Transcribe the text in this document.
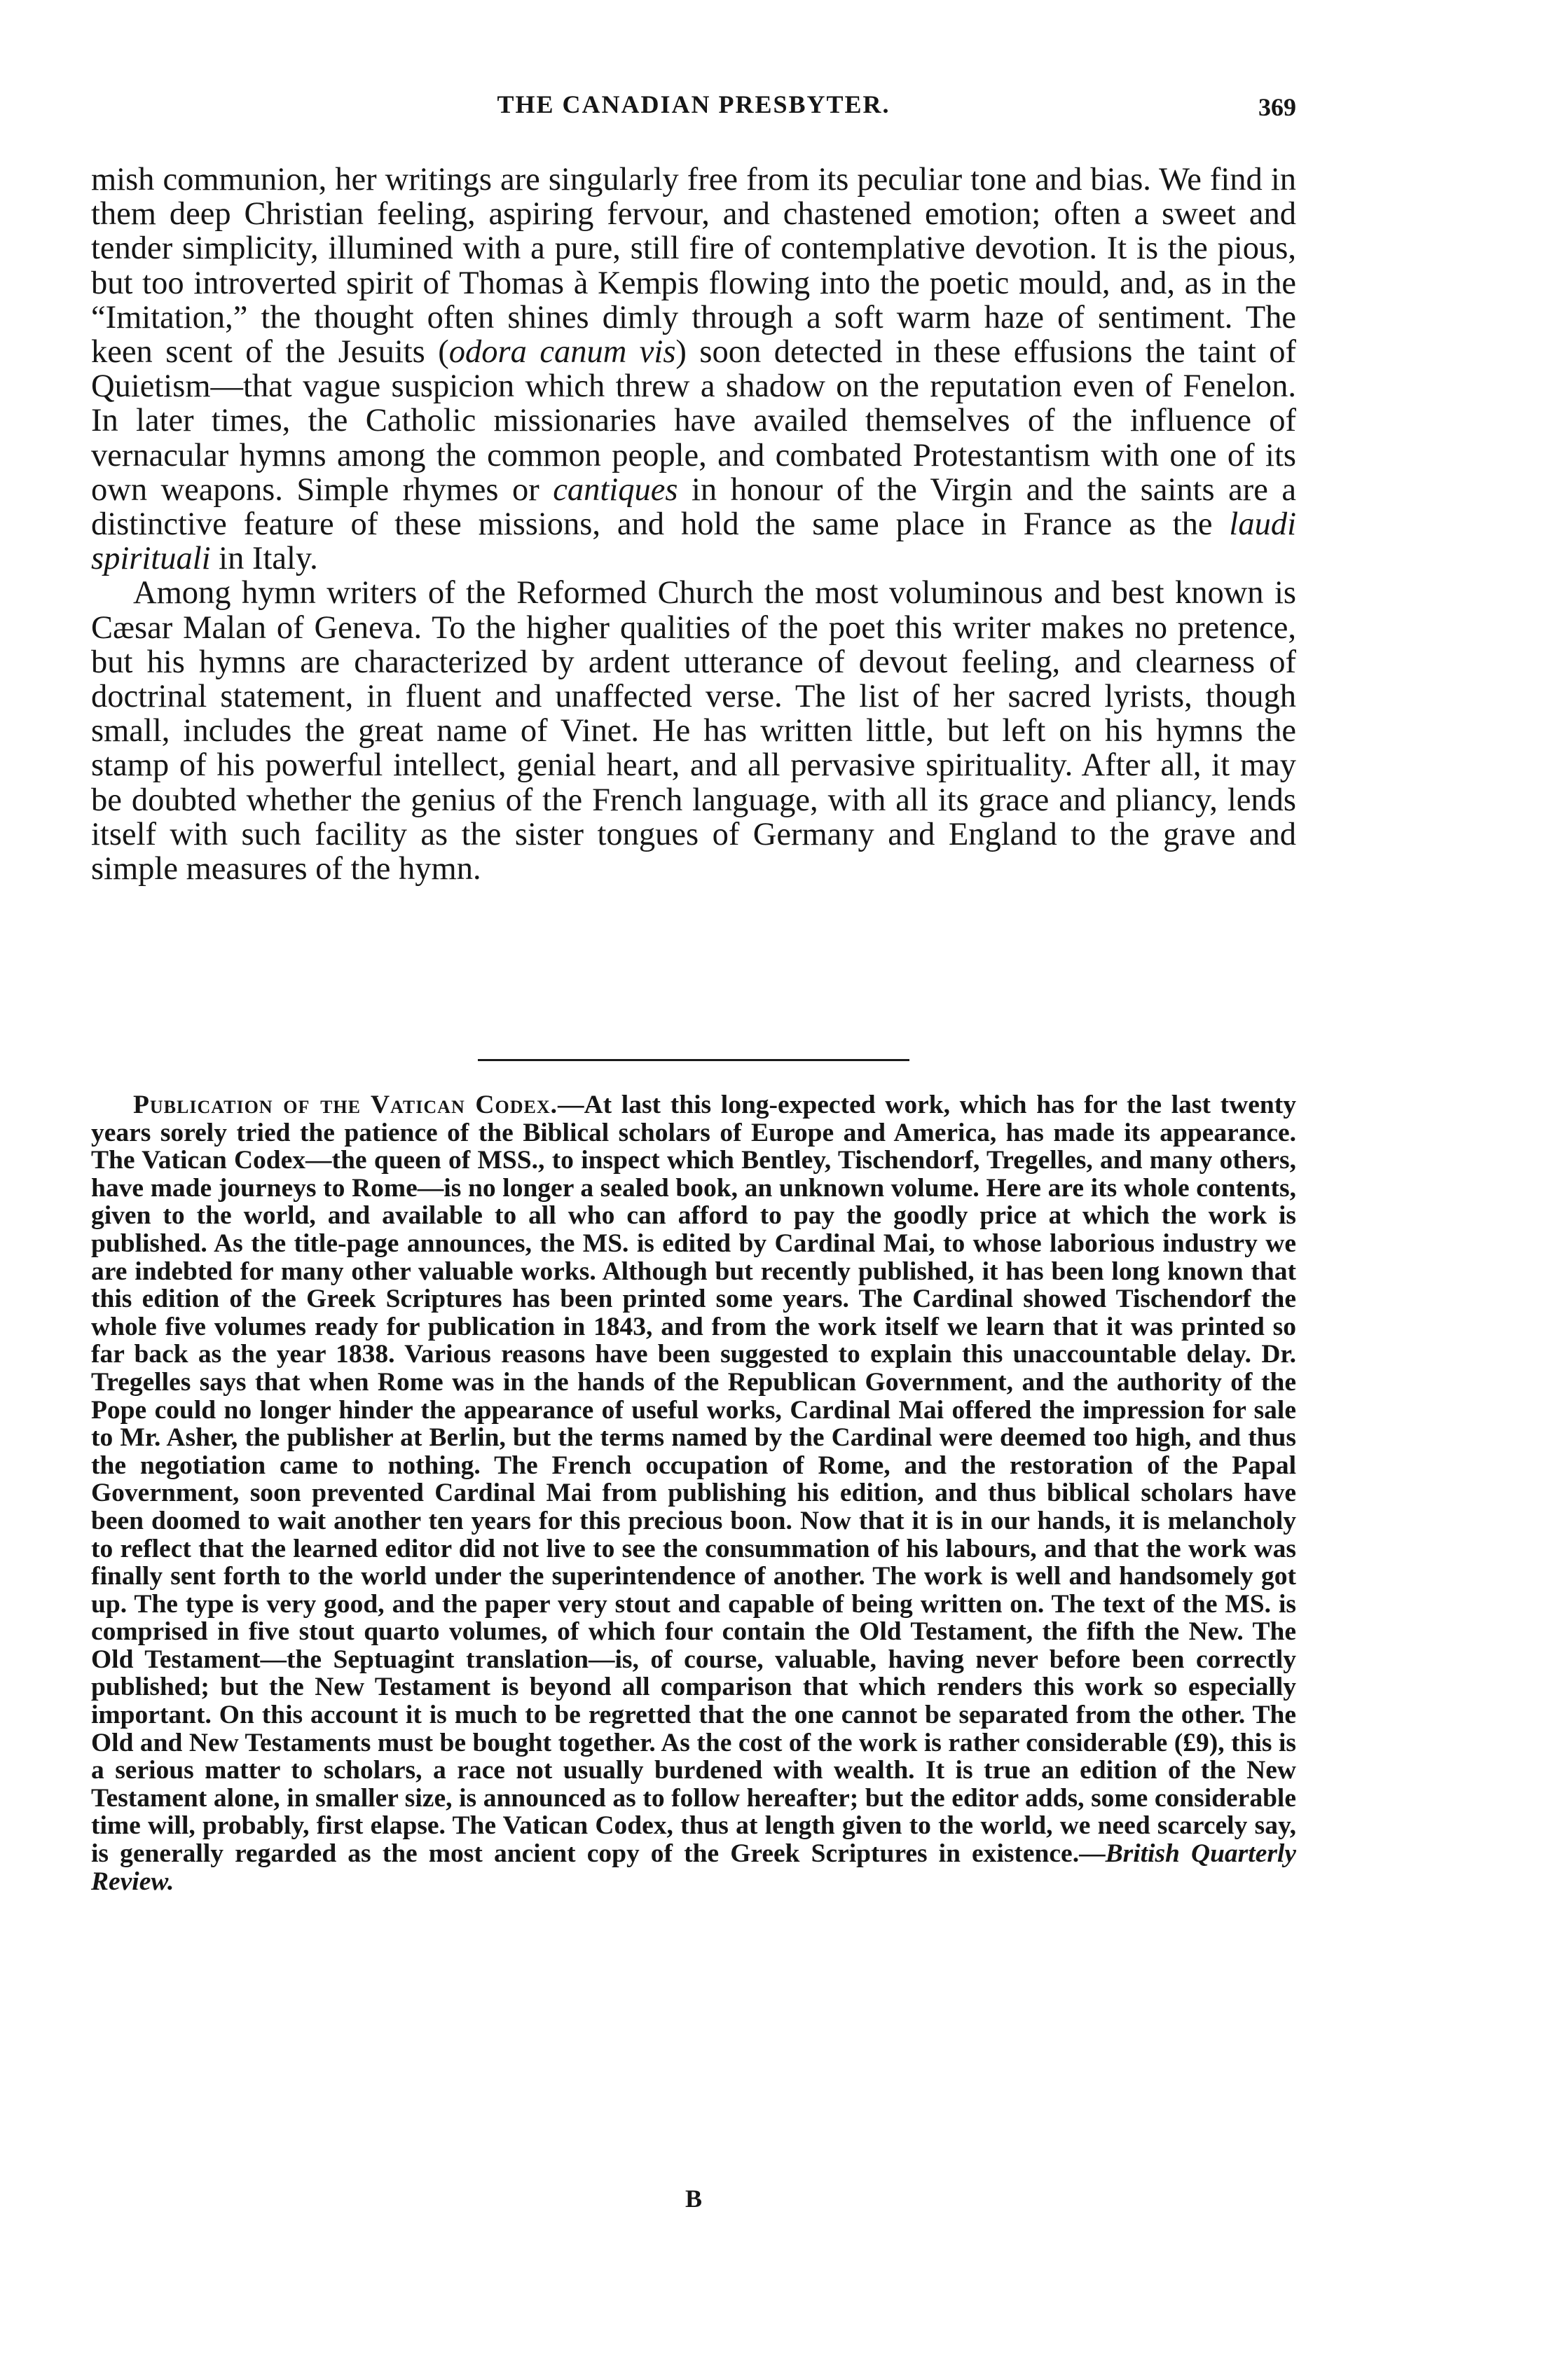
THE CANADIAN PRESBYTER.	369

mish communion, her writings are singularly free from its peculiar tone and bias. We find in them deep Christian feeling, aspiring fervour, and chastened emotion; often a sweet and tender simplicity, illumined with a pure, still fire of contemplative devotion. It is the pious, but too introverted spirit of Thomas à Kempis flowing into the poetic mould, and, as in the “Imitation,” the thought often shines dimly through a soft warm haze of sentiment. The keen scent of the Jesuits (odora canum vis) soon detected in these effusions the taint of Quietism—that vague suspicion which threw a shadow on the reputation even of Fenelon. In later times, the Catholic missionaries have availed themselves of the influence of vernacular hymns among the common people, and combated Protestantism with one of its own weapons. Simple rhymes or cantiques in honour of the Virgin and the saints are a distinctive feature of these missions, and hold the same place in France as the laudi spirituali in Italy.

Among hymn writers of the Reformed Church the most voluminous and best known is Cæsar Malan of Geneva. To the higher qualities of the poet this writer makes no pretence, but his hymns are characterized by ardent utterance of devout feeling, and clearness of doctrinal statement, in fluent and unaffected verse. The list of her sacred lyrists, though small, includes the great name of Vinet. He has written little, but left on his hymns the stamp of his powerful intellect, genial heart, and all pervasive spirituality. After all, it may be doubted whether the genius of the French language, with all its grace and pliancy, lends itself with such facility as the sister tongues of Germany and England to the grave and simple measures of the hymn.

Publication of the Vatican Codex.—At last this long-expected work, which has for the last twenty years sorely tried the patience of the Biblical scholars of Europe and America, has made its appearance. The Vatican Codex—the queen of MSS., to inspect which Bentley, Tischendorf, Tregelles, and many others, have made journeys to Rome—is no longer a sealed book, an unknown volume. Here are its whole contents, given to the world, and available to all who can afford to pay the goodly price at which the work is published. As the title-page announces, the MS. is edited by Cardinal Mai, to whose laborious industry we are indebted for many other valuable works. Although but recently published, it has been long known that this edition of the Greek Scriptures has been printed some years. The Cardinal showed Tischendorf the whole five volumes ready for publication in 1843, and from the work itself we learn that it was printed so far back as the year 1838. Various reasons have been suggested to explain this unaccountable delay. Dr. Tregelles says that when Rome was in the hands of the Republican Government, and the authority of the Pope could no longer hinder the appearance of useful works, Cardinal Mai offered the impression for sale to Mr. Asher, the publisher at Berlin, but the terms named by the Cardinal were deemed too high, and thus the negotiation came to nothing. The French occupation of Rome, and the restoration of the Papal Government, soon prevented Cardinal Mai from publishing his edition, and thus biblical scholars have been doomed to wait another ten years for this precious boon. Now that it is in our hands, it is melancholy to reflect that the learned editor did not live to see the consummation of his labours, and that the work was finally sent forth to the world under the superintendence of another. The work is well and handsomely got up. The type is very good, and the paper very stout and capable of being written on. The text of the MS. is comprised in five stout quarto volumes, of which four contain the Old Testament, the fifth the New. The Old Testament—the Septuagint translation—is, of course, valuable, having never before been correctly published; but the New Testament is beyond all comparison that which renders this work so especially important. On this account it is much to be regretted that the one cannot be separated from the other. The Old and New Testaments must be bought together. As the cost of the work is rather considerable (£9), this is a serious matter to scholars, a race not usually burdened with wealth. It is true an edition of the New Testament alone, in smaller size, is announced as to follow hereafter; but the editor adds, some considerable time will, probably, first elapse. The Vatican Codex, thus at length given to the world, we need scarcely say, is generally regarded as the most ancient copy of the Greek Scriptures in existence.—British Quarterly Review.

B
